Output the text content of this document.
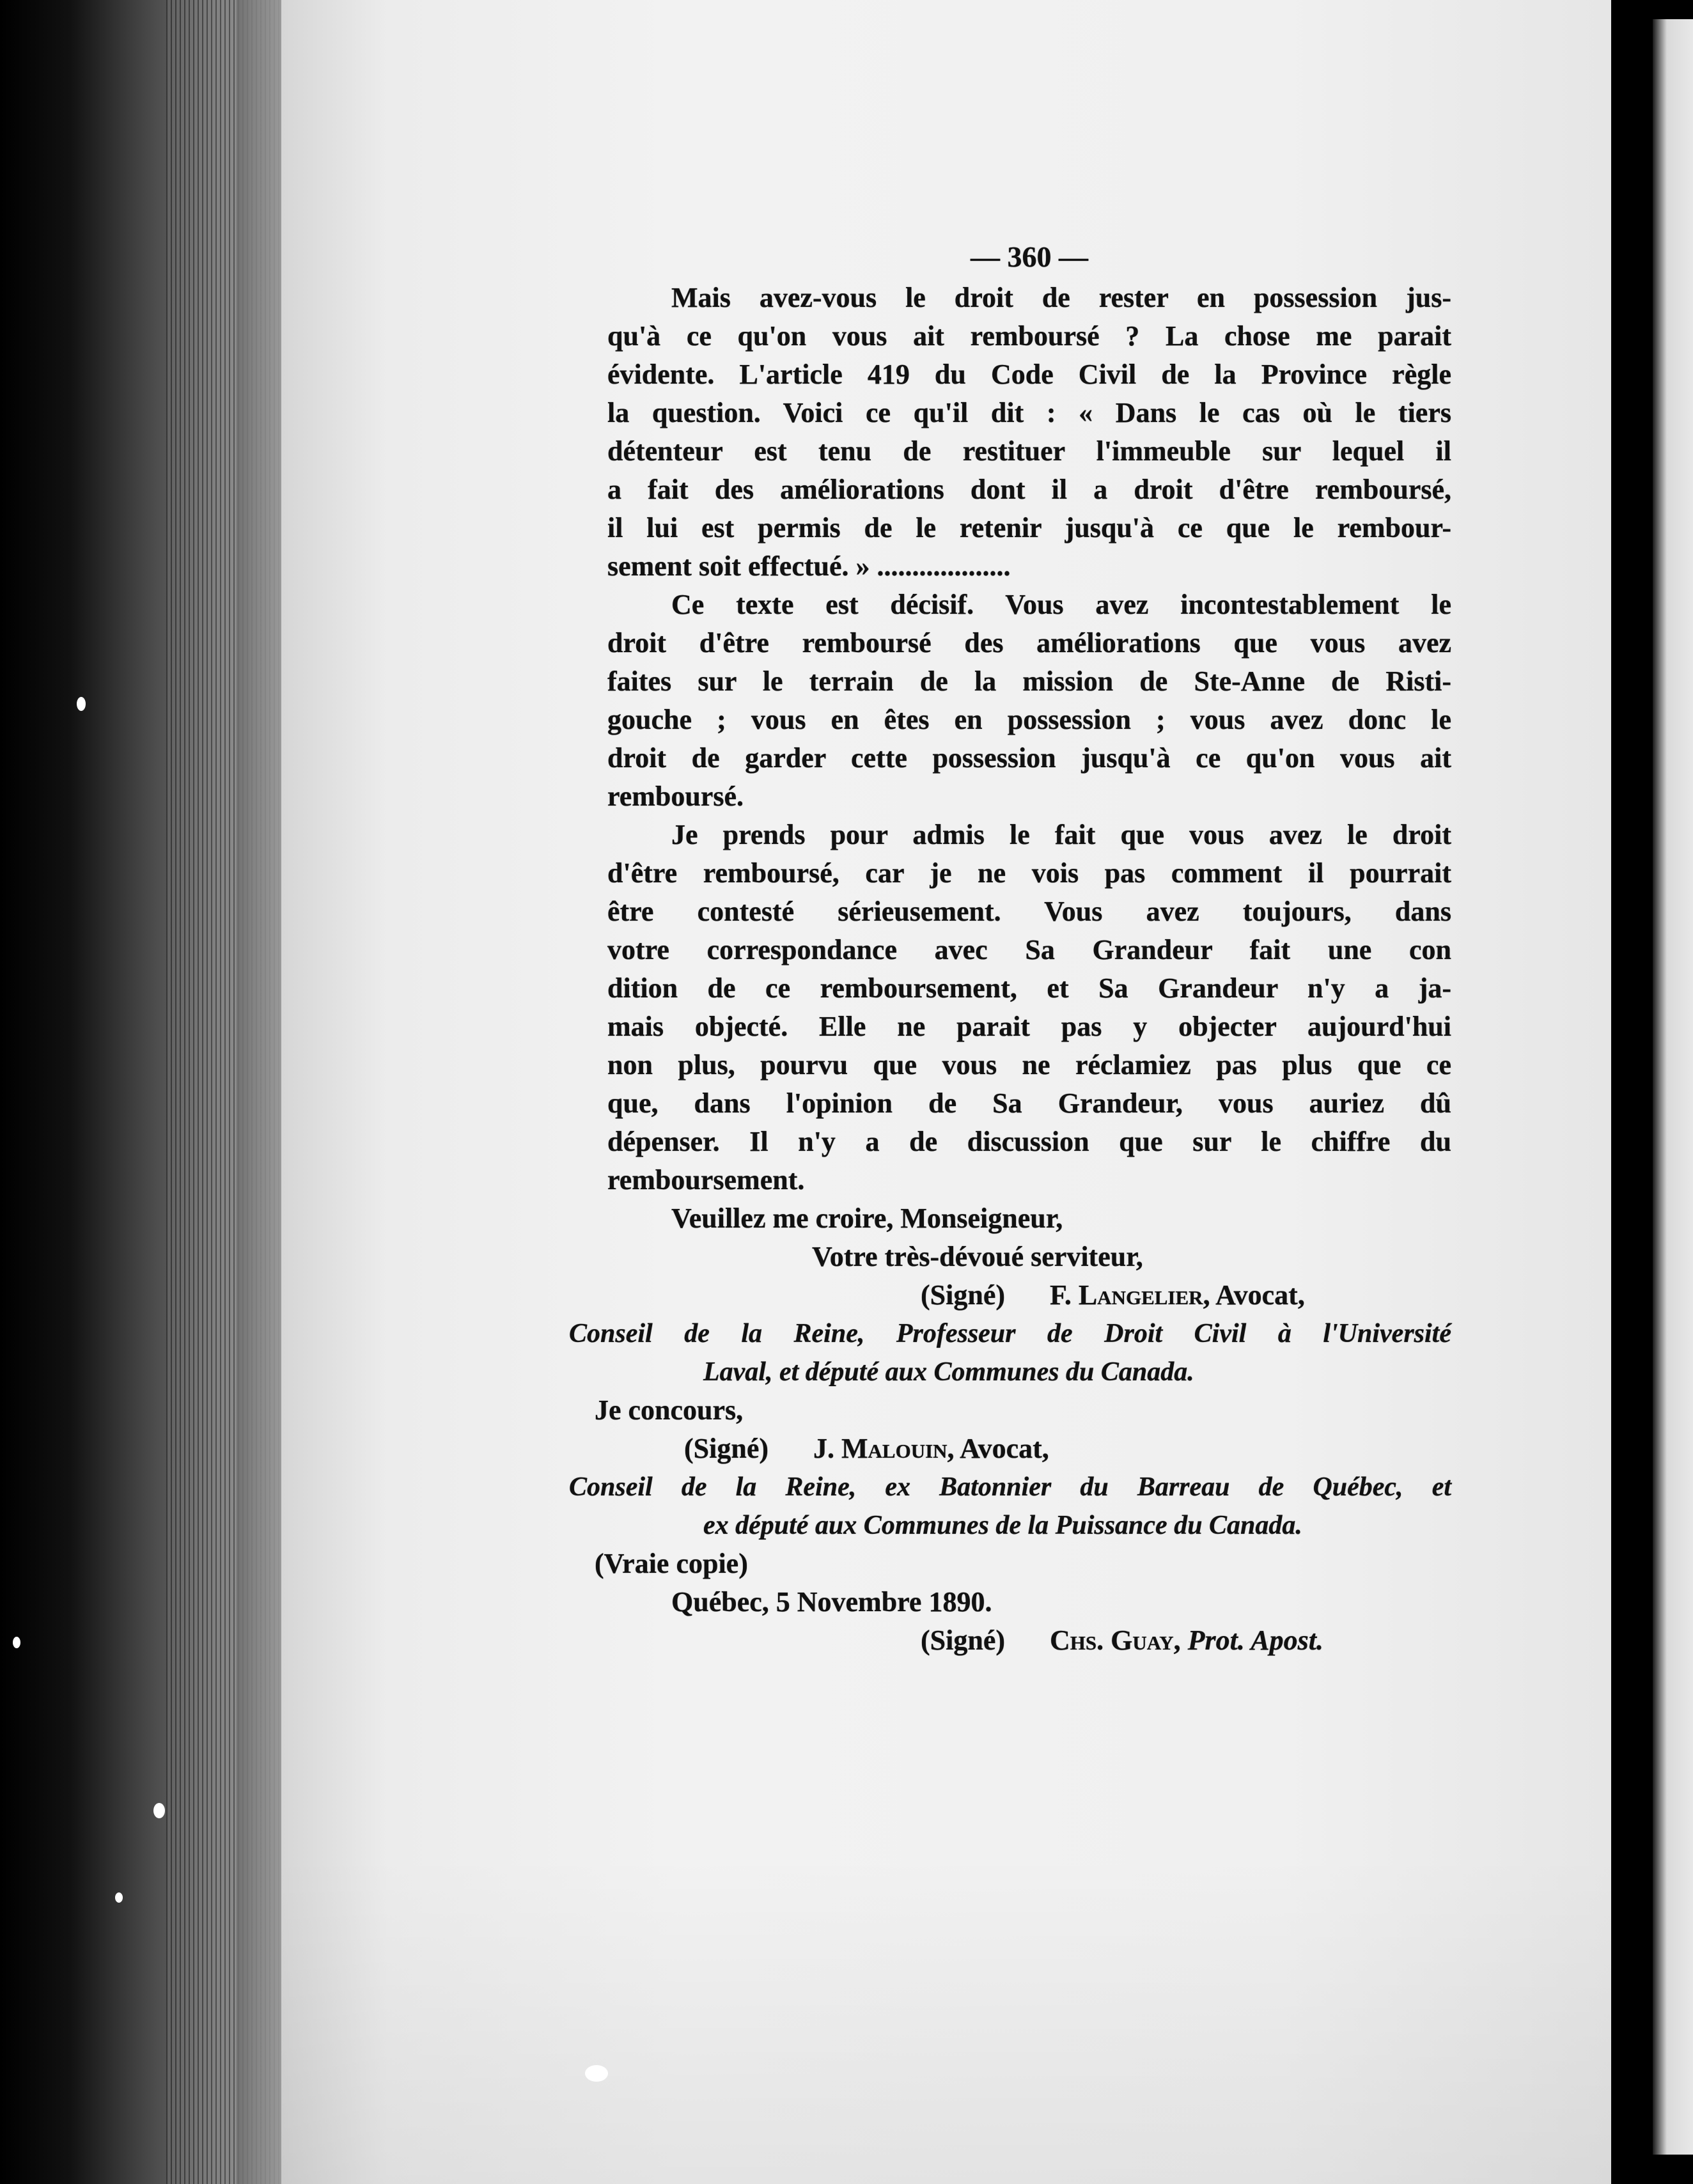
— 360 —
Mais avez-vous le droit de rester en possession jus-
qu'à ce qu'on vous ait remboursé ? La chose me parait
évidente. L'article 419 du Code Civil de la Province règle
la question. Voici ce qu'il dit : « Dans le cas où le tiers
détenteur est tenu de restituer l'immeuble sur lequel il
a fait des améliorations dont il a droit d'être remboursé,
il lui est permis de le retenir jusqu'à ce que le rembour-
sement soit effectué. » ...................
Ce texte est décisif. Vous avez incontestablement le
droit d'être remboursé des améliorations que vous avez
faites sur le terrain de la mission de Ste-Anne de Risti-
gouche ; vous en êtes en possession ; vous avez donc le
droit de garder cette possession jusqu'à ce qu'on vous ait
remboursé.
Je prends pour admis le fait que vous avez le droit
d'être remboursé, car je ne vois pas comment il pourrait
être contesté sérieusement. Vous avez toujours, dans
votre correspondance avec Sa Grandeur fait une con
dition de ce remboursement, et Sa Grandeur n'y a ja-
mais objecté. Elle ne parait pas y objecter aujourd'hui
non plus, pourvu que vous ne réclamiez pas plus que ce
que, dans l'opinion de Sa Grandeur, vous auriez dû
dépenser. Il n'y a de discussion que sur le chiffre du
remboursement.
Veuillez me croire, Monseigneur,
Votre très-dévoué serviteur,
(Signé) F. Langelier, Avocat,
Conseil de la Reine, Professeur de Droit Civil à l'Université
Laval, et député aux Communes du Canada.
Je concours,
(Signé) J. Malouin, Avocat,
Conseil de la Reine, ex Batonnier du Barreau de Québec, et
ex député aux Communes de la Puissance du Canada.
(Vraie copie)
Québec, 5 Novembre 1890.
(Signé) Chs. Guay, Prot. Apost.
